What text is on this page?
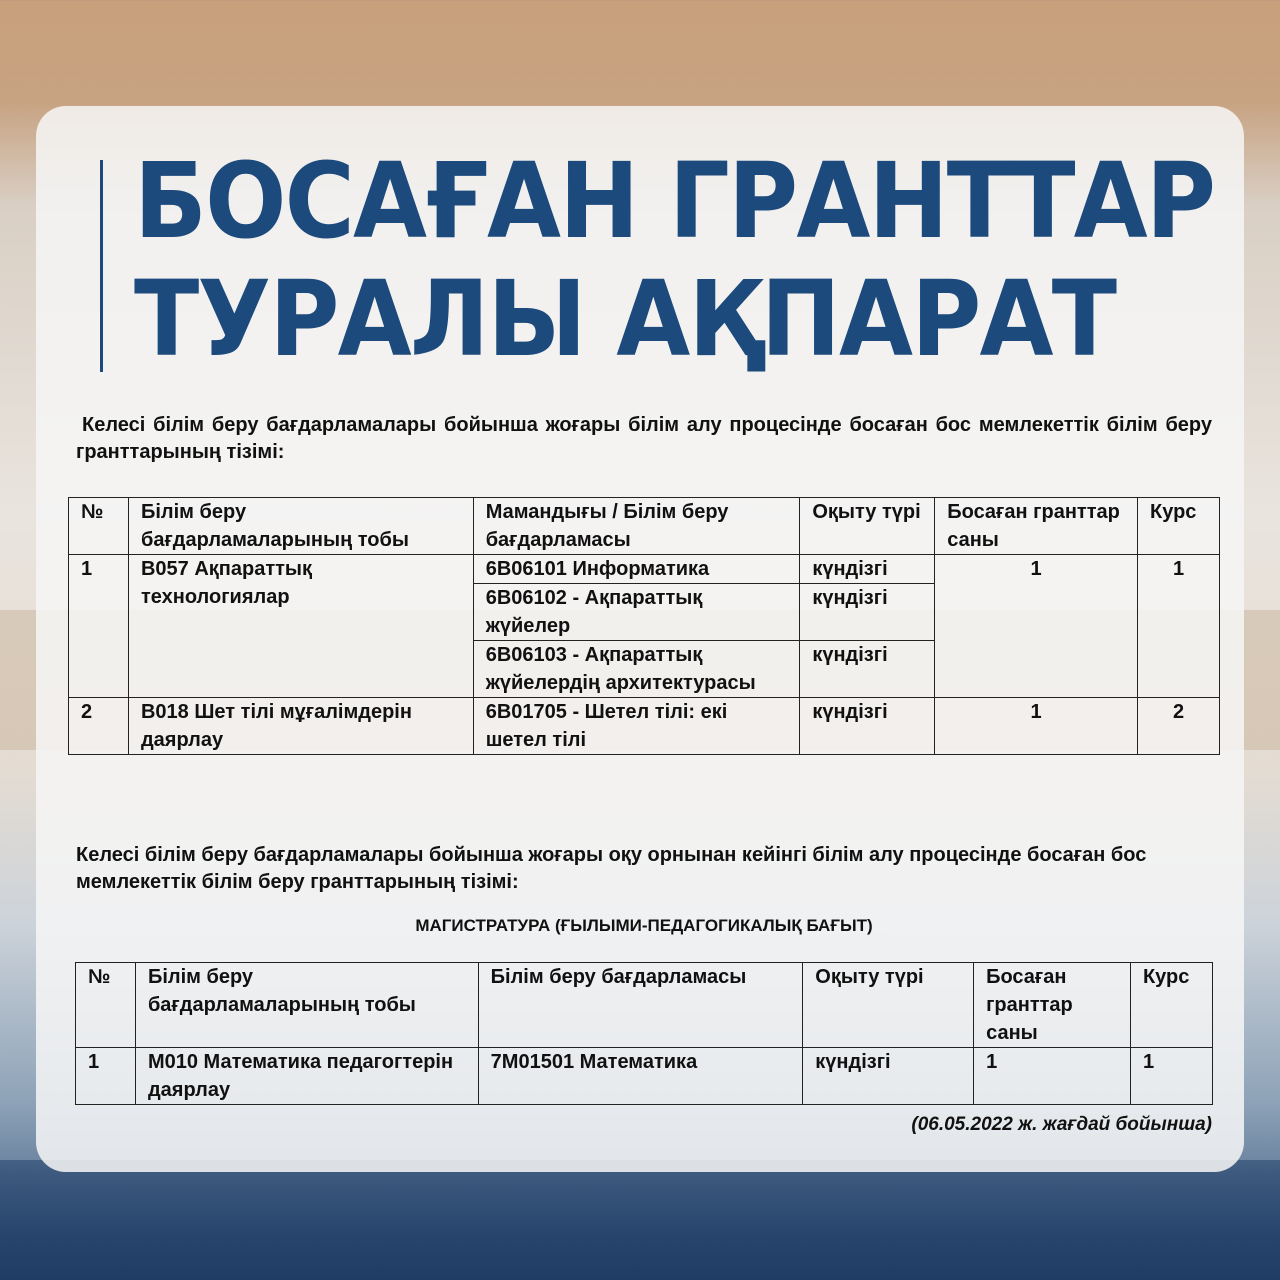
БОСАҒАН ГРАНТТАР
ТУРАЛЫ АҚПАРАТ

Келесі білім беру бағдарламалары бойынша жоғары білім алу процесінде босаған бос мемлекеттік білім беру гранттарының тізімі:

№	Білім беру бағдарламаларының тобы	Мамандығы / Білім беру бағдарламасы	Оқыту түрі	Босаған гранттар саны	Курс
1	В057 Ақпараттық технологиялар	6В06101 Информатика	күндізгі	1	1
		6В06102 - Ақпараттық жүйелер	күндізгі		
		6В06103 - Ақпараттық жүйелердің архитектурасы	күндізгі		
2	В018 Шет тілі мұғалімдерін даярлау	6В01705 - Шетел тілі: екі шетел тілі	күндізгі	1	2

Келесі білім беру бағдарламалары бойынша жоғары оқу орнынан кейінгі білім алу процесінде босаған бос мемлекеттік білім беру гранттарының тізімі:

МАГИСТРАТУРА (ҒЫЛЫМИ-ПЕДАГОГИКАЛЫҚ БАҒЫТ)

№	Білім беру бағдарламаларының тобы	Білім беру бағдарламасы	Оқыту түрі	Босаған гранттар саны	Курс
1	М010 Математика педагогтерін даярлау	7М01501 Математика	күндізгі	1	1

(06.05.2022 ж. жағдай бойынша)
